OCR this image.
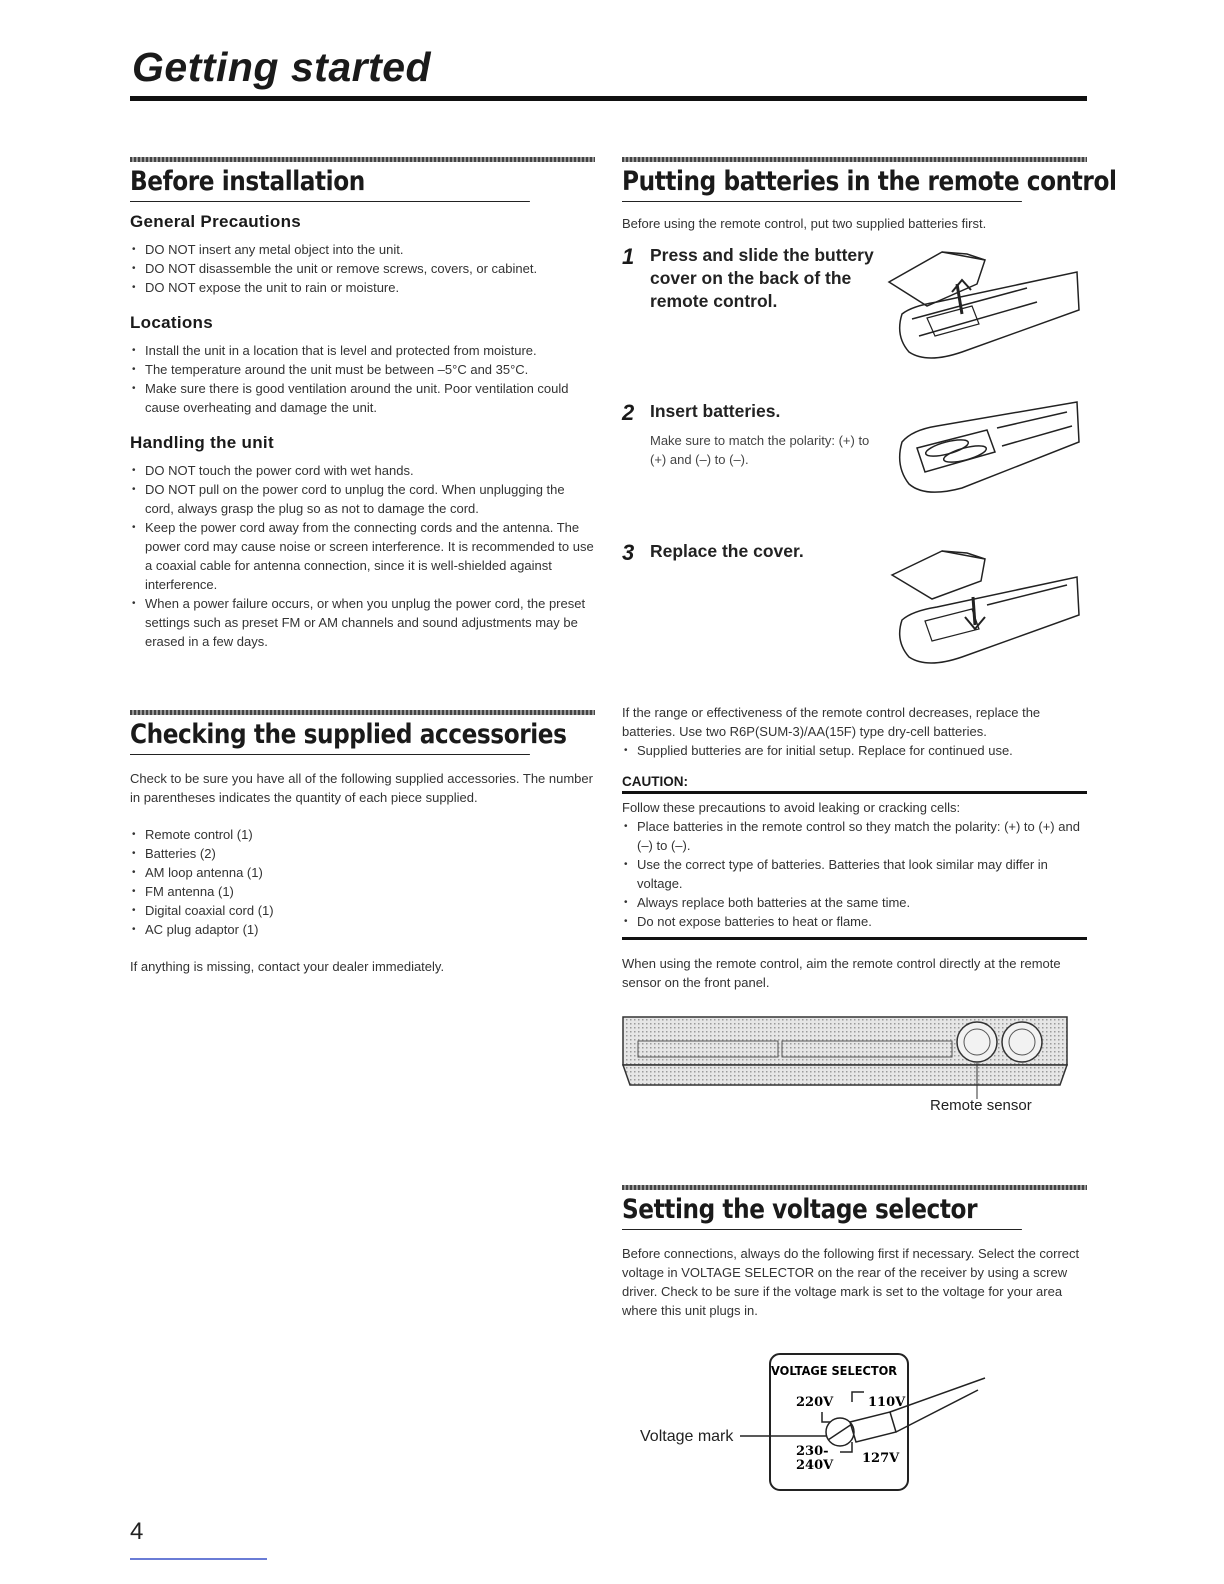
Getting started
Before installation
General Precautions
• DO NOT insert any metal object into the unit.
• DO NOT disassemble the unit or remove screws, covers, or cabinet.
• DO NOT expose the unit to rain or moisture.
Locations
• Install the unit in a location that is level and protected from moisture.
• The temperature around the unit must be between –5°C and 35°C.
• Make sure there is good ventilation around the unit. Poor ventilation could cause overheating and damage the unit.
Handling the unit
• DO NOT touch the power cord with wet hands.
• DO NOT pull on the power cord to unplug the cord. When unplugging the cord, always grasp the plug so as not to damage the cord.
• Keep the power cord away from the connecting cords and the antenna. The power cord may cause noise or screen interference. It is recommended to use a coaxial cable for antenna connection, since it is well-shielded against interference.
• When a power failure occurs, or when you unplug the power cord, the preset settings such as preset FM or AM channels and sound adjustments may be erased in a few days.
Checking the supplied accessories

Check to be sure you have all of the following supplied accessories. The number in parentheses indicates the quantity of each piece supplied.

• Remote control (1)
• Batteries (2)
• AM loop antenna (1)
• FM antenna (1)
• Digital coaxial cord (1)
• AC plug adaptor (1)

If anything is missing, contact your dealer immediately.

Putting batteries in the remote control

Before using the remote control, put two supplied batteries first.

1 Press and slide the buttery cover on the back of the remote control.
2 Insert batteries.
Make sure to match the polarity: (+) to (+) and (–) to (–).
3 Replace the cover.

If the range or effectiveness of the remote control decreases, replace the batteries. Use two R6P(SUM-3)/AA(15F) type dry-cell batteries.

• Supplied butteries are for initial setup. Replace for continued use.
CAUTION:

Follow these precautions to avoid leaking or cracking cells:

• Place batteries in the remote control so they match the polarity: (+) to (+) and (–) to (–).
• Use the correct type of batteries. Batteries that look similar may differ in voltage.
• Always replace both batteries at the same time.
• Do not expose batteries to heat or flame.

When using the remote control, aim the remote control directly at the remote sensor on the front panel.

Remote sensor
Setting the voltage selector

Before connections, always do the following first if necessary. Select the correct voltage in VOLTAGE SELECTOR on the rear of the receiver by using a screw driver. Check to be sure if the voltage mark is set to the voltage for your area where this unit plugs in.

VOLTAGE SELECTOR
220V	110V
230-
240V 127V
Voltage mark
4
